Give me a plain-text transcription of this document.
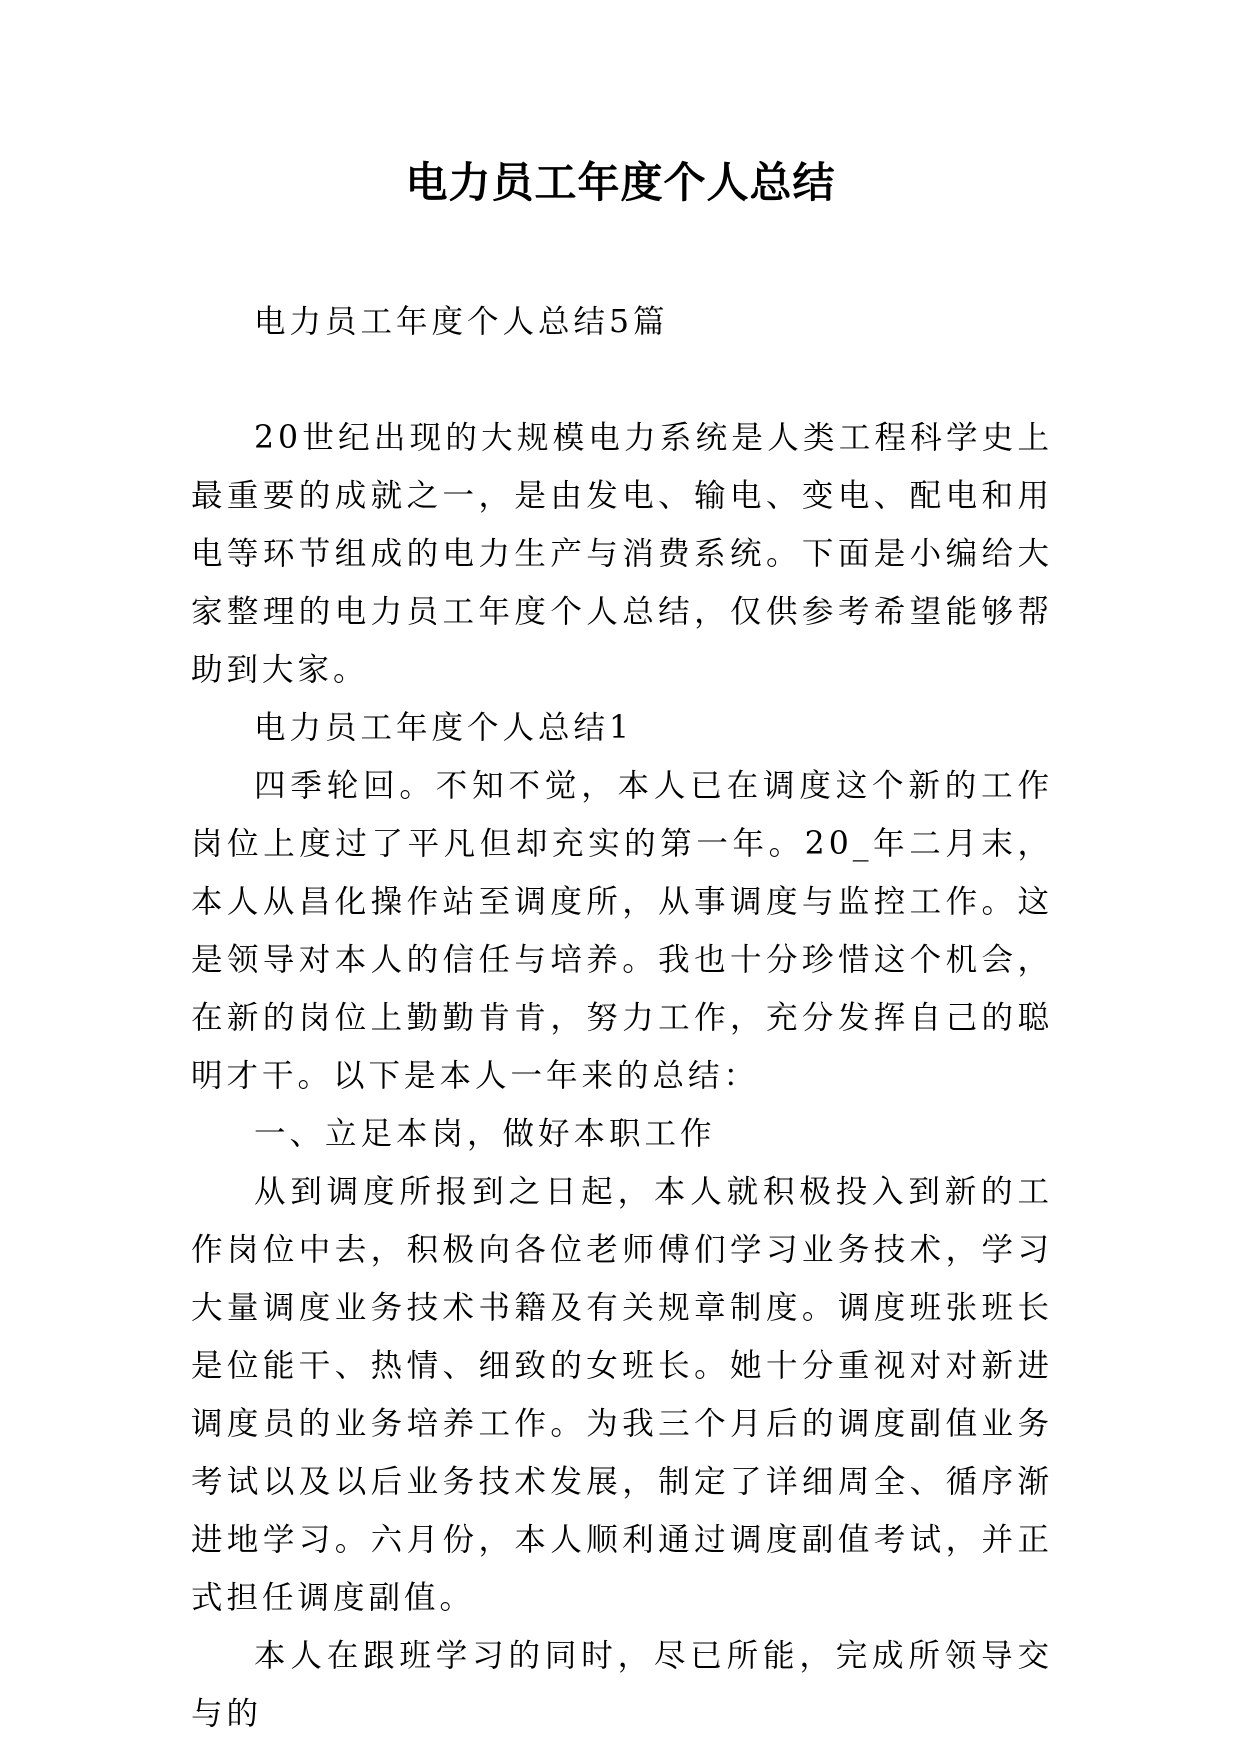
电力员工年度个人总结

电力员工年度个人总结5篇

20世纪出现的大规模电力系统是人类工程科学史上最重要的成就之一，是由发电、输电、变电、配电和用电等环节组成的电力生产与消费系统。下面是小编给大家整理的电力员工年度个人总结，仅供参考希望能够帮助到大家。

电力员工年度个人总结1

四季轮回。不知不觉，本人已在调度这个新的工作岗位上度过了平凡但却充实的第一年。20_年二月末，本人从昌化操作站至调度所，从事调度与监控工作。这是领导对本人的信任与培养。我也十分珍惜这个机会，在新的岗位上勤勤肯肯，努力工作，充分发挥自己的聪明才干。以下是本人一年来的总结：

一、立足本岗，做好本职工作

从到调度所报到之日起，本人就积极投入到新的工作岗位中去，积极向各位老师傅们学习业务技术，学习大量调度业务技术书籍及有关规章制度。调度班张班长是位能干、热情、细致的女班长。她十分重视对对新进调度员的业务培养工作。为我三个月后的调度副值业务考试以及以后业务技术发展，制定了详细周全、循序渐进地学习。六月份，本人顺利通过调度副值考试，并正式担任调度副值。

本人在跟班学习的同时，尽已所能，完成所领导交与的
